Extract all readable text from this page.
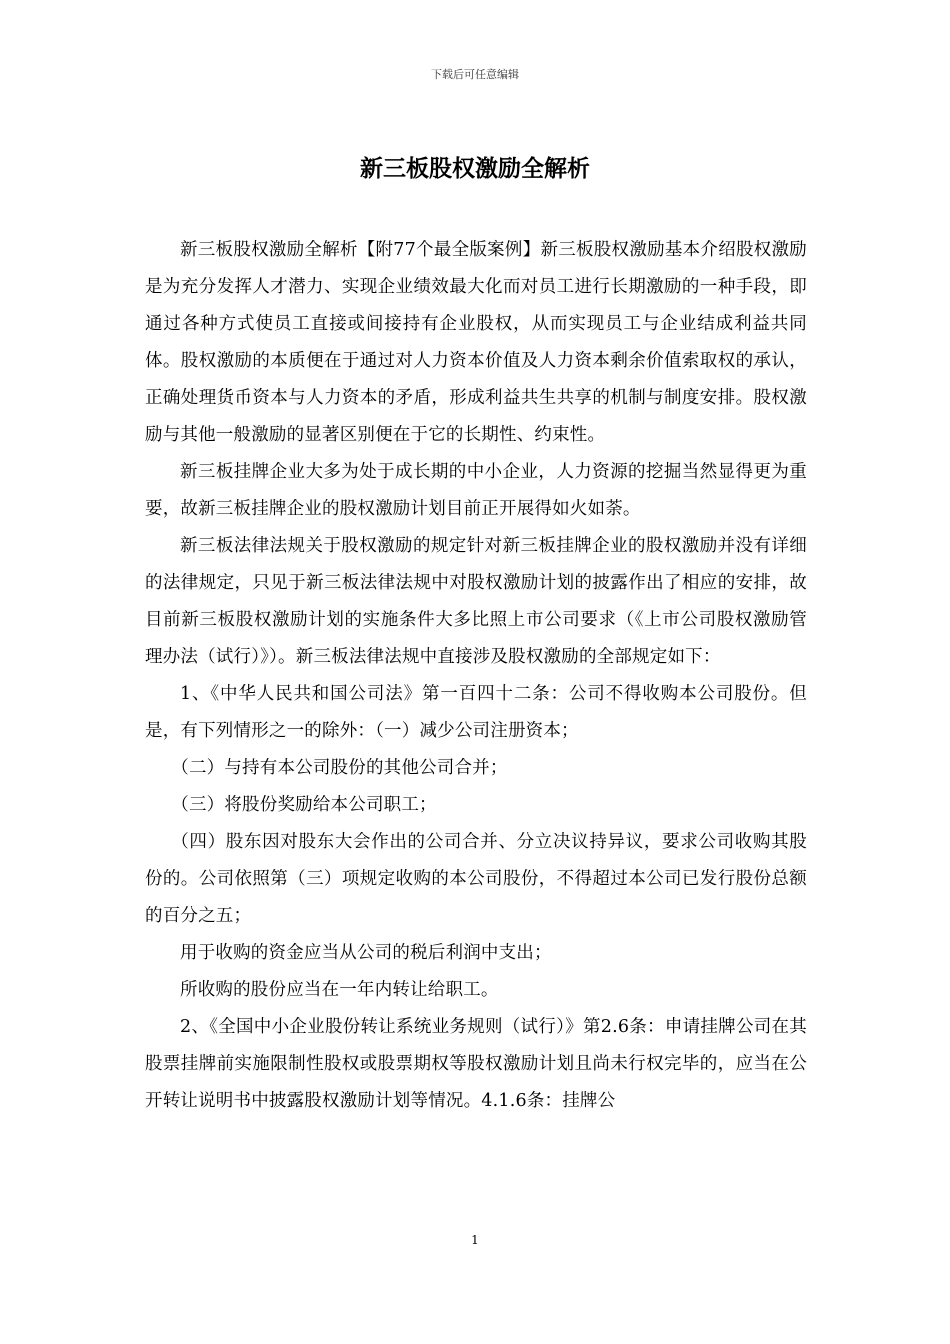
下载后可任意编辑
新三板股权激励全解析

新三板股权激励全解析【附77个最全版案例】新三板股权激励基本介绍股权激励是为充分发挥人才潜力、实现企业绩效最大化而对员工进行长期激励的一种手段，即通过各种方式使员工直接或间接持有企业股权，从而实现员工与企业结成利益共同体。股权激励的本质便在于通过对人力资本价值及人力资本剩余价值索取权的承认，正确处理货币资本与人力资本的矛盾，形成利益共生共享的机制与制度安排。股权激励与其他一般激励的显著区别便在于它的长期性、约束性。

新三板挂牌企业大多为处于成长期的中小企业，人力资源的挖掘当然显得更为重要，故新三板挂牌企业的股权激励计划目前正开展得如火如荼。

新三板法律法规关于股权激励的规定针对新三板挂牌企业的股权激励并没有详细的法律规定，只见于新三板法律法规中对股权激励计划的披露作出了相应的安排，故目前新三板股权激励计划的实施条件大多比照上市公司要求（《上市公司股权激励管理办法（试行）》）。新三板法律法规中直接涉及股权激励的全部规定如下：

1、《中华人民共和国公司法》第一百四十二条：公司不得收购本公司股份。但是，有下列情形之一的除外：（一）减少公司注册资本；

（二）与持有本公司股份的其他公司合并；

（三）将股份奖励给本公司职工；

（四）股东因对股东大会作出的公司合并、分立决议持异议，要求公司收购其股份的。公司依照第（三）项规定收购的本公司股份，不得超过本公司已发行股份总额的百分之五；

用于收购的资金应当从公司的税后利润中支出；

所收购的股份应当在一年内转让给职工。

2、《全国中小企业股份转让系统业务规则（试行）》第2.6条：申请挂牌公司在其股票挂牌前实施限制性股权或股票期权等股权激励计划且尚未行权完毕的，应当在公开转让说明书中披露股权激励计划等情况。4.1.6条：挂牌公

1
